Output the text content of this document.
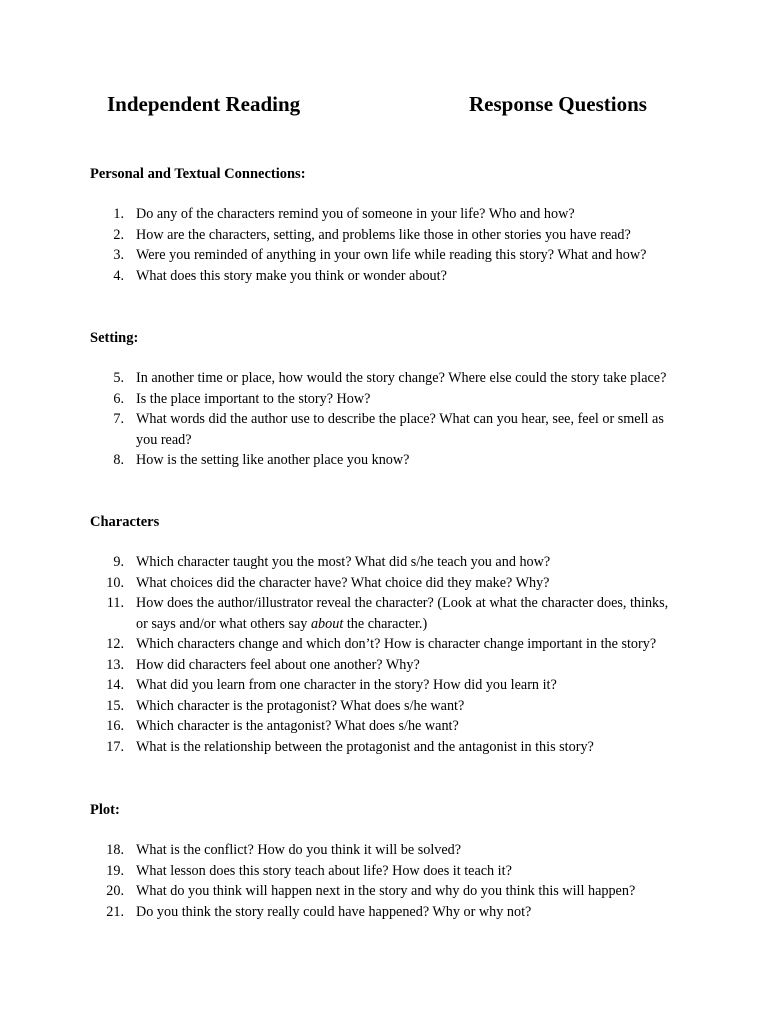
Independent Reading	Response Questions
Personal and Textual Connections:
1. Do any of the characters remind you of someone in your life? Who and how?
2. How are the characters, setting, and problems like those in other stories you have read?
3. Were you reminded of anything in your own life while reading this story? What and how?
4. What does this story make you think or wonder about?
Setting:
5. In another time or place, how would the story change? Where else could the story take place?
6. Is the place important to the story? How?
7. What words did the author use to describe the place? What can you hear, see, feel or smell as you read?
8. How is the setting like another place you know?
Characters
9. Which character taught you the most? What did s/he teach you and how?
10. What choices did the character have? What choice did they make? Why?
11. How does the author/illustrator reveal the character? (Look at what the character does, thinks, or says and/or what others say about the character.)
12. Which characters change and which don’t? How is character change important in the story?
13. How did characters feel about one another? Why?
14. What did you learn from one character in the story? How did you learn it?
15. Which character is the protagonist? What does s/he want?
16. Which character is the antagonist? What does s/he want?
17. What is the relationship between the protagonist and the antagonist in this story?
Plot:
18. What is the conflict? How do you think it will be solved?
19. What lesson does this story teach about life? How does it teach it?
20. What do you think will happen next in the story and why do you think this will happen?
21. Do you think the story really could have happened? Why or why not?
